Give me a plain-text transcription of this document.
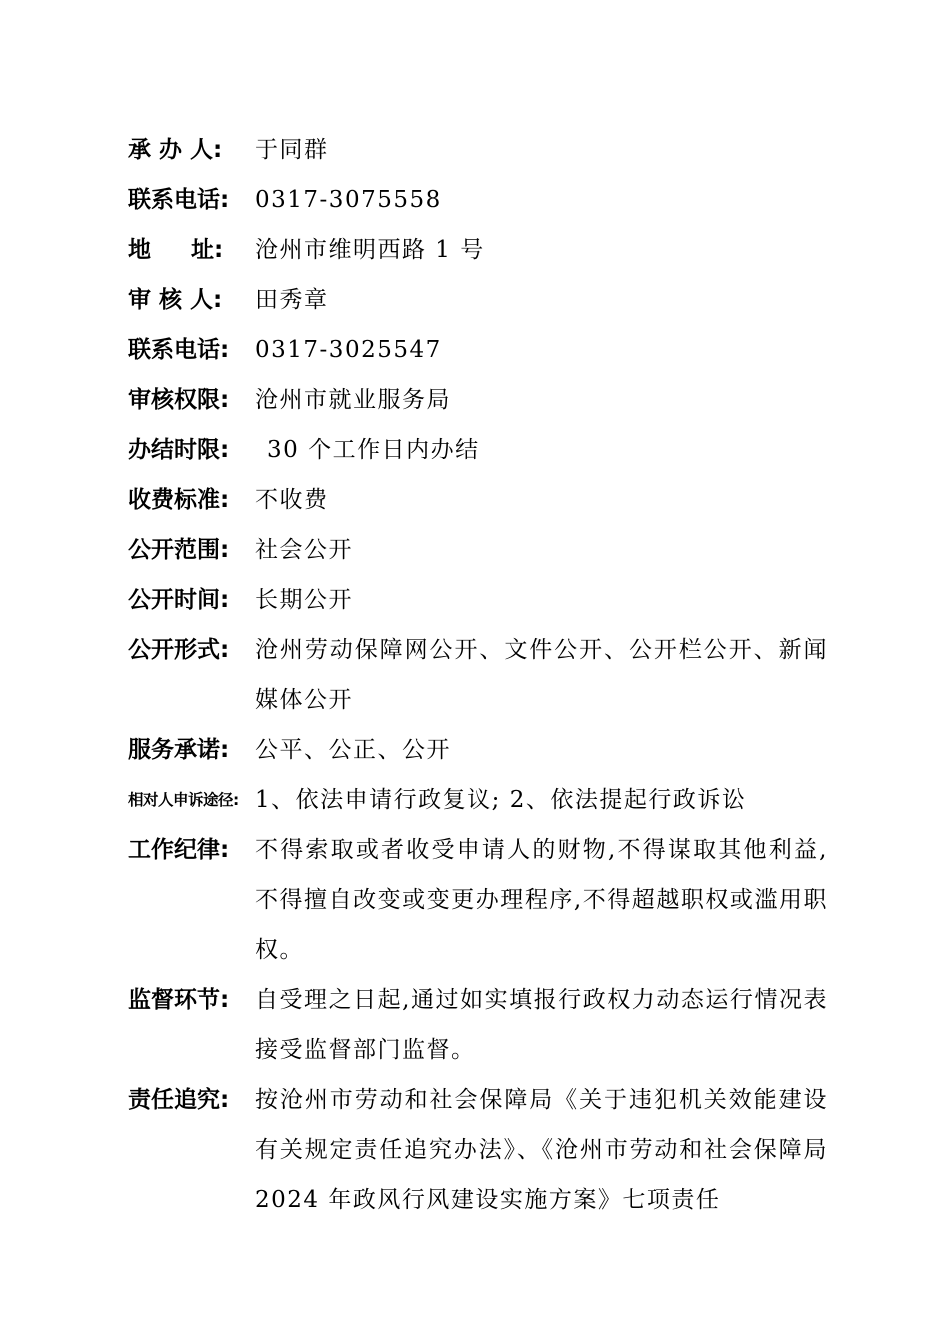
承 办 人:	于同群
联系电话:	0317-3075558
地     址:	沧州市维明西路 1 号
审 核 人:	田秀章
联系电话:	0317-3025547
审核权限:	沧州市就业服务局
办结时限:	30 个工作日内办结
收费标准:	不收费
公开范围:	社会公开
公开时间:	长期公开
公开形式:	沧州劳动保障网公开、文件公开、公开栏公开、新闻媒体公开
服务承诺:	公平、公正、公开
相对人申诉途径: 1、依法申请行政复议; 2、依法提起行政诉讼
工作纪律:	不得索取或者收受申请人的财物,不得谋取其他利益,不得擅自改变或变更办理程序,不得超越职权或滥用职权。
监督环节:	自受理之日起,通过如实填报行政权力动态运行情况表接受监督部门监督。
责任追究:	按沧州市劳动和社会保障局《关于违犯机关效能建设有关规定责任追究办法》、《沧州市劳动和社会保障局 2024 年政风行风建设实施方案》七项责任
